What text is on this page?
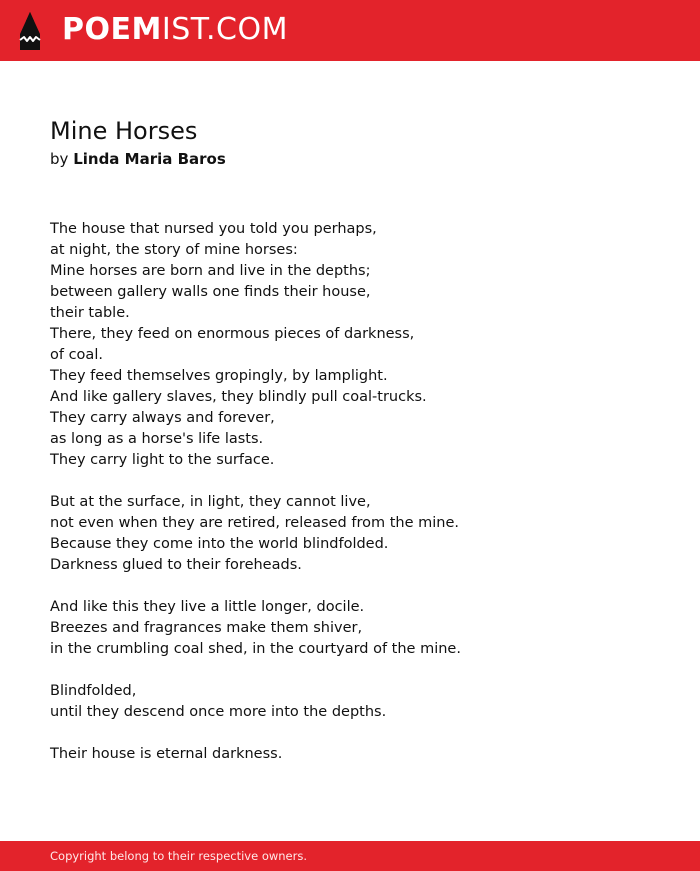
POEMIST.COM
Mine Horses
by Linda Maria Baros
The house that nursed you told you perhaps,
at night, the story of mine horses:
Mine horses are born and live in the depths;
between gallery walls one finds their house,
their table.
There, they feed on enormous pieces of darkness,
of coal.
They feed themselves gropingly, by lamplight.
And like gallery slaves, they blindly pull coal-trucks.
They carry always and forever,
as long as a horse's life lasts.
They carry light to the surface.
But at the surface, in light, they cannot live,
not even when they are retired, released from the mine.
Because they come into the world blindfolded.
Darkness glued to their foreheads.
And like this they live a little longer, docile.
Breezes and fragrances make them shiver,
in the crumbling coal shed, in the courtyard of the mine.
Blindfolded,
until they descend once more into the depths.
Their house is eternal darkness.
Copyright belong to their respective owners.
